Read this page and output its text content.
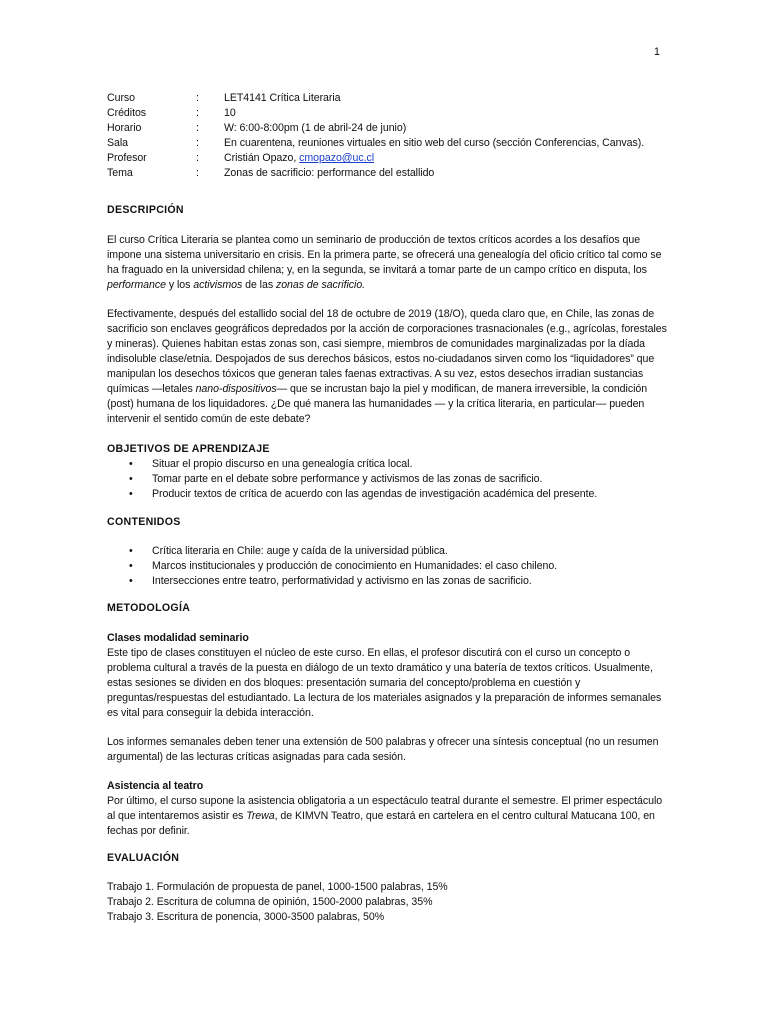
1
Curso	:	LET4141 Crítica Literaria
Créditos	:	10
Horario	:	W: 6:00-8:00pm (1 de abril-24 de junio)
Sala	:	En cuarentena, reuniones virtuales en sitio web del curso (sección Conferencias, Canvas).
Profesor	:	Cristián Opazo, cmopazo@uc.cl
Tema	:	Zonas de sacrificio: performance del estallido
DESCRIPCIÓN

El curso Crítica Literaria se plantea como un seminario de producción de textos críticos acordes a los desafíos que impone una sistema universitario en crisis. En la primera parte, se ofrecerá una genealogía del oficio crítico tal como se ha fraguado en la universidad chilena; y, en la segunda, se invitará a tomar parte de un campo crítico en disputa, los performance y los activismos de las zonas de sacrificio.

Efectivamente, después del estallido social del 18 de octubre de 2019 (18/O), queda claro que, en Chile, las zonas de sacrificio son enclaves geográficos depredados por la acción de corporaciones trasnacionales (e.g., agrícolas, forestales y mineras). Quienes habitan estas zonas son, casi siempre, miembros de comunidades marginalizadas por la díada indisoluble clase/etnia. Despojados de sus derechos básicos, estos no-ciudadanos sirven como los “liquidadores” que manipulan los desechos tóxicos que generan tales faenas extractivas. A su vez, estos desechos irradian sustancias químicas —letales nano-dispositivos— que se incrustan bajo la piel y modifican, de manera irreversible, la condición (post) humana de los liquidadores. ¿De qué manera las humanidades — y la crítica literaria, en particular— pueden intervenir el sentido común de este debate?

OBJETIVOS DE APRENDIZAJE
• Situar el propio discurso en una genealogía crítica local.
• Tomar parte en el debate sobre performance y activismos de las zonas de sacrificio.
• Producir textos de crítica de acuerdo con las agendas de investigación académica del presente.
CONTENIDOS
• Crítica literaria en Chile: auge y caída de la universidad pública.
• Marcos institucionales y producción de conocimiento en Humanidades: el caso chileno.
• Intersecciones entre teatro, performatividad y activismo en las zonas de sacrificio.
METODOLOGÍA
Clases modalidad seminario

Este tipo de clases constituyen el núcleo de este curso. En ellas, el profesor discutirá con el curso un concepto o problema cultural a través de la puesta en diálogo de un texto dramático y una batería de textos críticos. Usualmente, estas sesiones se dividen en dos bloques: presentación sumaria del concepto/problema en cuestión y preguntas/respuestas del estudiantado. La lectura de los materiales asignados y la preparación de informes semanales es vital para conseguir la debida interacción.

Los informes semanales deben tener una extensión de 500 palabras y ofrecer una síntesis conceptual (no un resumen argumental) de las lecturas críticas asignadas para cada sesión.

Asistencia al teatro

Por último, el curso supone la asistencia obligatoria a un espectáculo teatral durante el semestre. El primer espectáculo al que intentaremos asistir es Trewa, de KIMVN Teatro, que estará en cartelera en el centro cultural Matucana 100, en fechas por definir.

EVALUACIÓN
Trabajo 1. Formulación de propuesta de panel, 1000-1500 palabras, 15%
Trabajo 2. Escritura de columna de opinión, 1500-2000 palabras, 35%
Trabajo 3. Escritura de ponencia, 3000-3500 palabras, 50%
